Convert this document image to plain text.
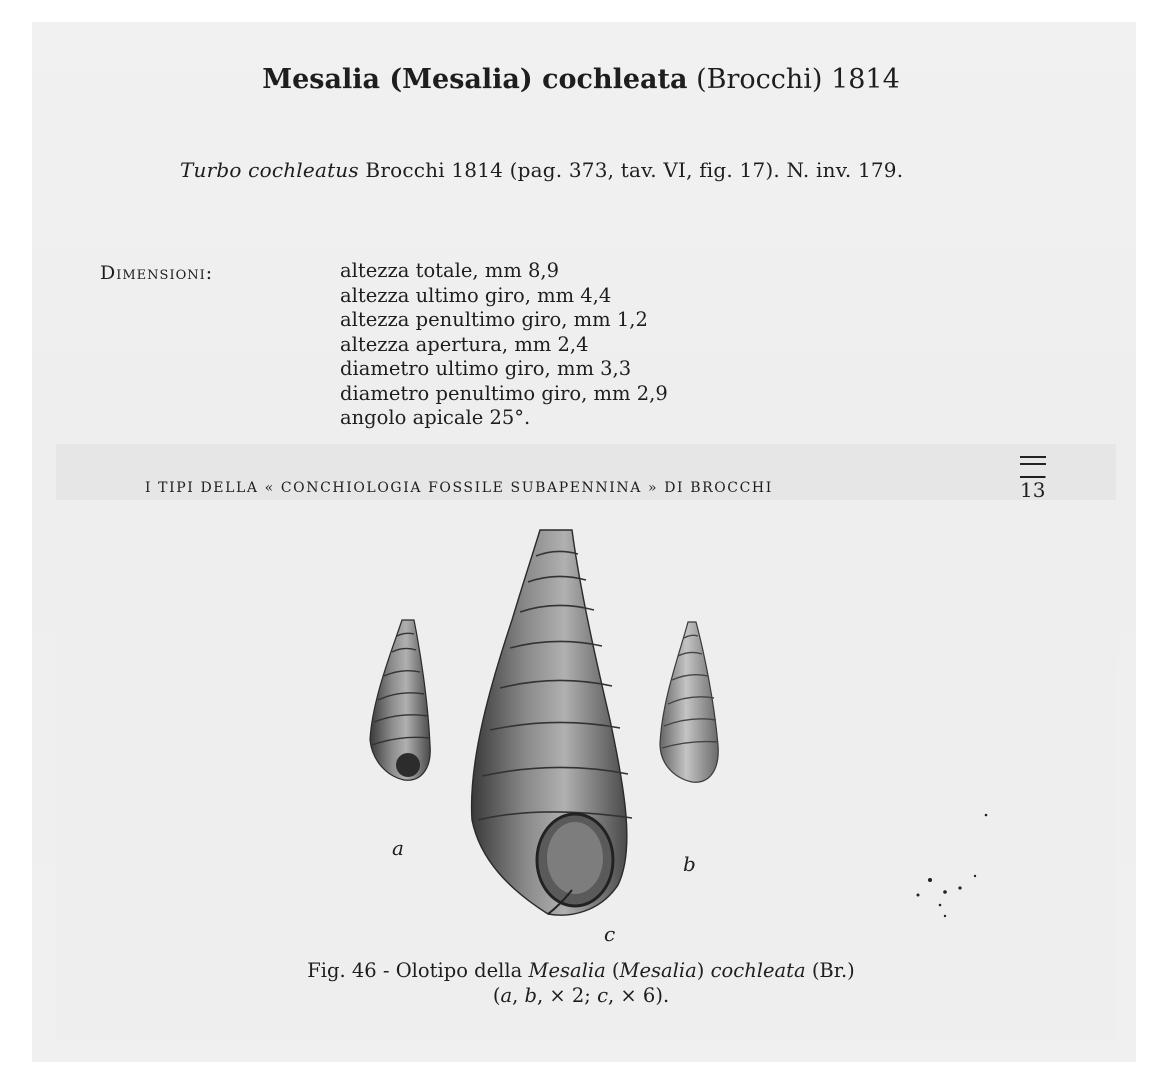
Mesalia (Mesalia) cochleata (Brocchi) 1814
Turbo cochleatus Brocchi 1814 (pag. 373, tav. VI, fig. 17). N. inv. 179.
Dimensioni:	altezza totale, mm 8,9
altezza ultimo giro, mm 4,4
altezza penultimo giro, mm 1,2
altezza apertura, mm 2,4
diametro ultimo giro, mm 3,3
diametro penultimo giro, mm 2,9
angolo apicale 25°.
I TIPI DELLA « CONCHIOLOGIA FOSSILE SUBAPENNINA » DI BROCCHI	13
a
b
c
Fig. 46 - Olotipo della Mesalia (Mesalia) cochleata (Br.)
(a, b, × 2; c, × 6).
